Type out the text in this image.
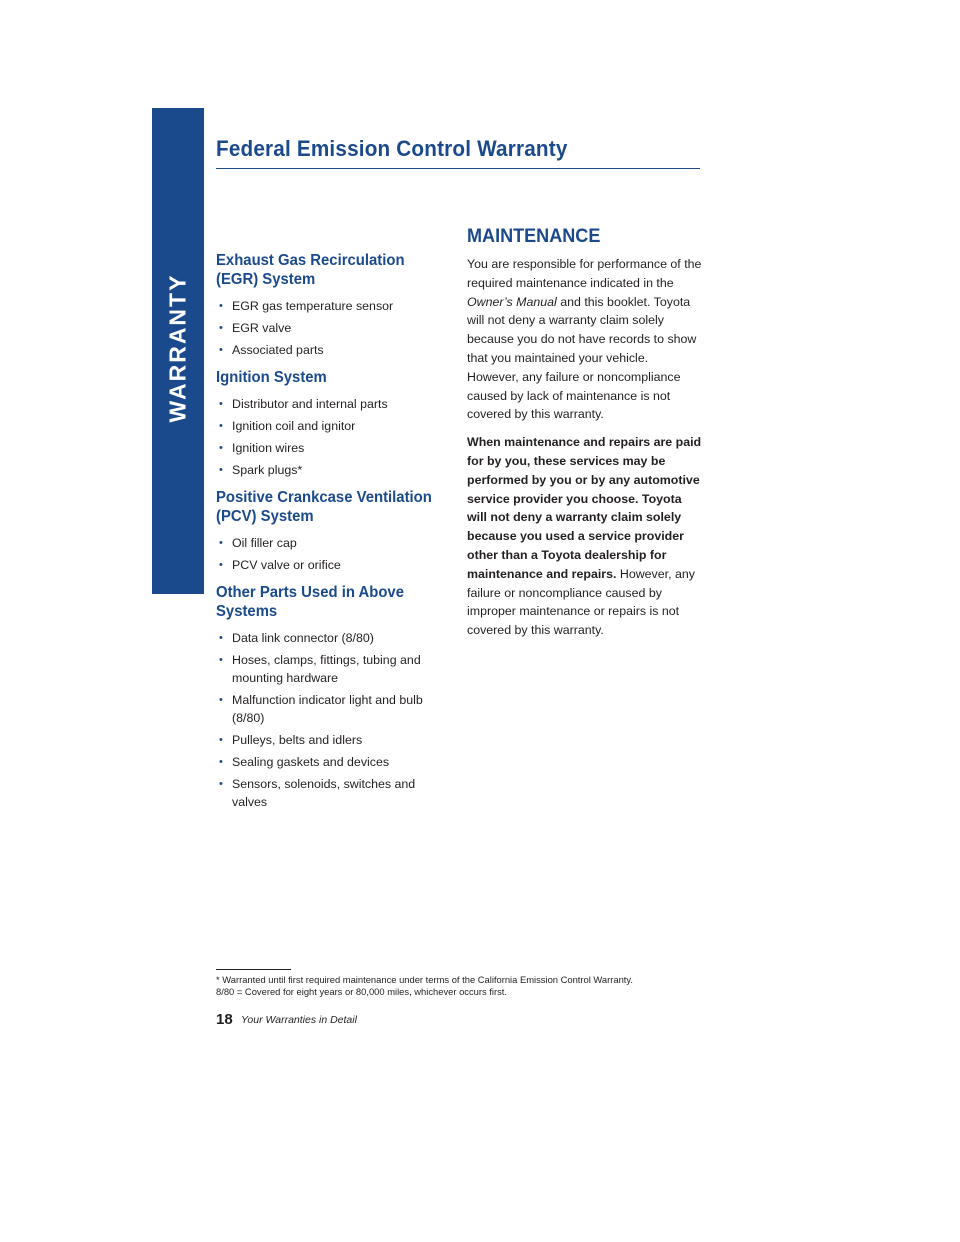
WARRANTY
Federal Emission Control Warranty
Exhaust Gas Recirculation
(EGR) System
• EGR gas temperature sensor
• EGR valve
• Associated parts
Ignition System
• Distributor and internal parts
• Ignition coil and ignitor
• Ignition wires
• Spark plugs*
Positive Crankcase Ventilation
(PCV) System
• Oil filler cap
• PCV valve or orifice
Other Parts Used in Above
Systems
• Data link connector (8/80)
• Hoses, clamps, fittings, tubing and mounting hardware
• Malfunction indicator light and bulb (8/80)
• Pulleys, belts and idlers
• Sealing gaskets and devices
• Sensors, solenoids, switches and valves
MAINTENANCE

You are responsible for performance of the required maintenance indicated in the Owner’s Manual and this booklet. Toyota will not deny a warranty claim solely because you do not have records to show that you maintained your vehicle. However, any failure or noncompliance caused by lack of maintenance is not covered by this warranty.

When maintenance and repairs are paid for by you, these services may be performed by you or by any automotive service provider you choose. Toyota will not deny a warranty claim solely because you used a service provider other than a Toyota dealership for maintenance and repairs. However, any failure or noncompliance caused by improper maintenance or repairs is not covered by this warranty.

* Warranted until first required maintenance under terms of the California Emission Control Warranty.
8/80 = Covered for eight years or 80,000 miles, whichever occurs first.
18 Your Warranties in Detail
